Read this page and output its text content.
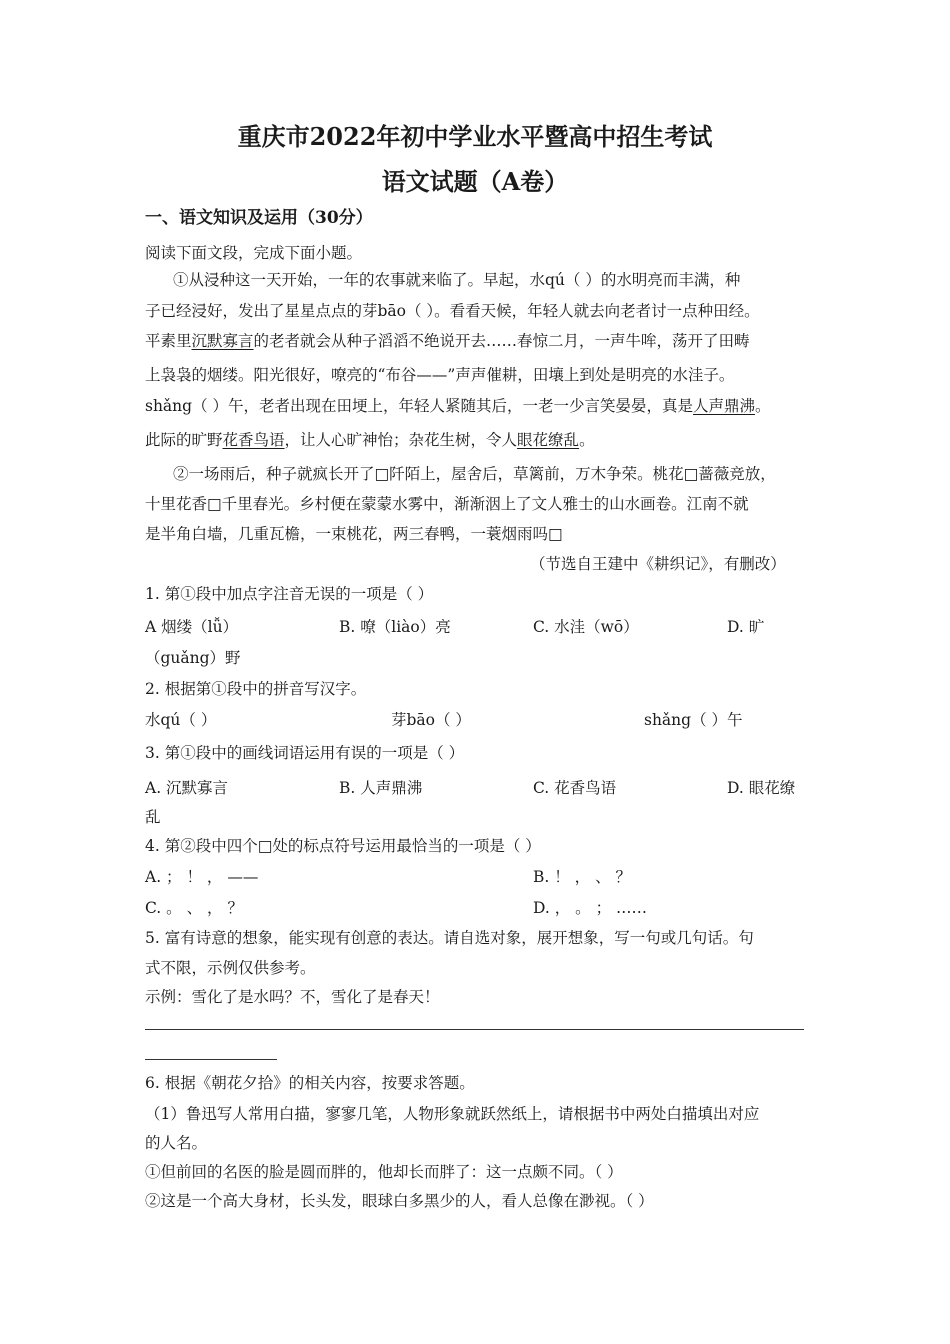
重庆市2022年初中学业水平暨高中招生考试
语文试题（A卷）
一、语文知识及运用（30分）
阅读下面文段，完成下面小题。
①从浸种这一天开始，一年的农事就来临了。早起，水qú（ ）的水明亮而丰满，种
子已经浸好，发出了星星点点的芽bāo（ ）。看看天候，年轻人就去向老者讨一点种田经。
平素里沉默寡言的老者就会从种子滔滔不绝说开去……春惊二月，一声牛哞，荡开了田畴
上袅袅的烟缕。阳光很好，嘹亮的“布谷——”声声催耕，田壤上到处是明亮的水洼子。
shǎng（ ）午，老者出现在田埂上，年轻人紧随其后，一老一少言笑晏晏，真是人声鼎沸。
此际的旷野花香鸟语，让人心旷神怡；杂花生树，令人眼花缭乱。
②一场雨后，种子就疯长开了□阡陌上，屋舍后，草篱前，万木争荣。桃花□蔷薇竞放，
十里花香□千里春光。乡村便在蒙蒙水雾中，渐渐洇上了文人雅士的山水画卷。江南不就
是半角白墙，几重瓦檐，一束桃花，两三春鸭，一蓑烟雨吗□
（节选自王建中《耕织记》，有删改）
1. 第①段中加点字注音无误的一项是（ ）
A 烟缕（lǚ）	B. 嘹（liào）亮	C. 水洼（wō）	D. 旷
（guǎng）野
2. 根据第①段中的拼音写汉字。
水qú（ ）	芽bāo（ ）	shǎng（ ）午
3. 第①段中的画线词语运用有误的一项是（ ）
A. 沉默寡言	B. 人声鼎沸	C. 花香鸟语	D. 眼花缭
乱
4. 第②段中四个□处的标点符号运用最恰当的一项是（ ）
A. ； ！ ， ——	B. ！ ， 、 ？
C. 。 、 ， ？	D. ， 。 ； ……
5. 富有诗意的想象，能实现有创意的表达。请自选对象，展开想象，写一句或几句话。句
式不限，示例仅供参考。
示例：雪化了是水吗？不，雪化了是春天！
6. 根据《朝花夕拾》的相关内容，按要求答题。
（1）鲁迅写人常用白描，寥寥几笔，人物形象就跃然纸上，请根据书中两处白描填出对应
的人名。
①但前回的名医的脸是圆而胖的，他却长而胖了：这一点颇不同。（ ）
②这是一个高大身材，长头发，眼球白多黑少的人，看人总像在渺视。（ ）
